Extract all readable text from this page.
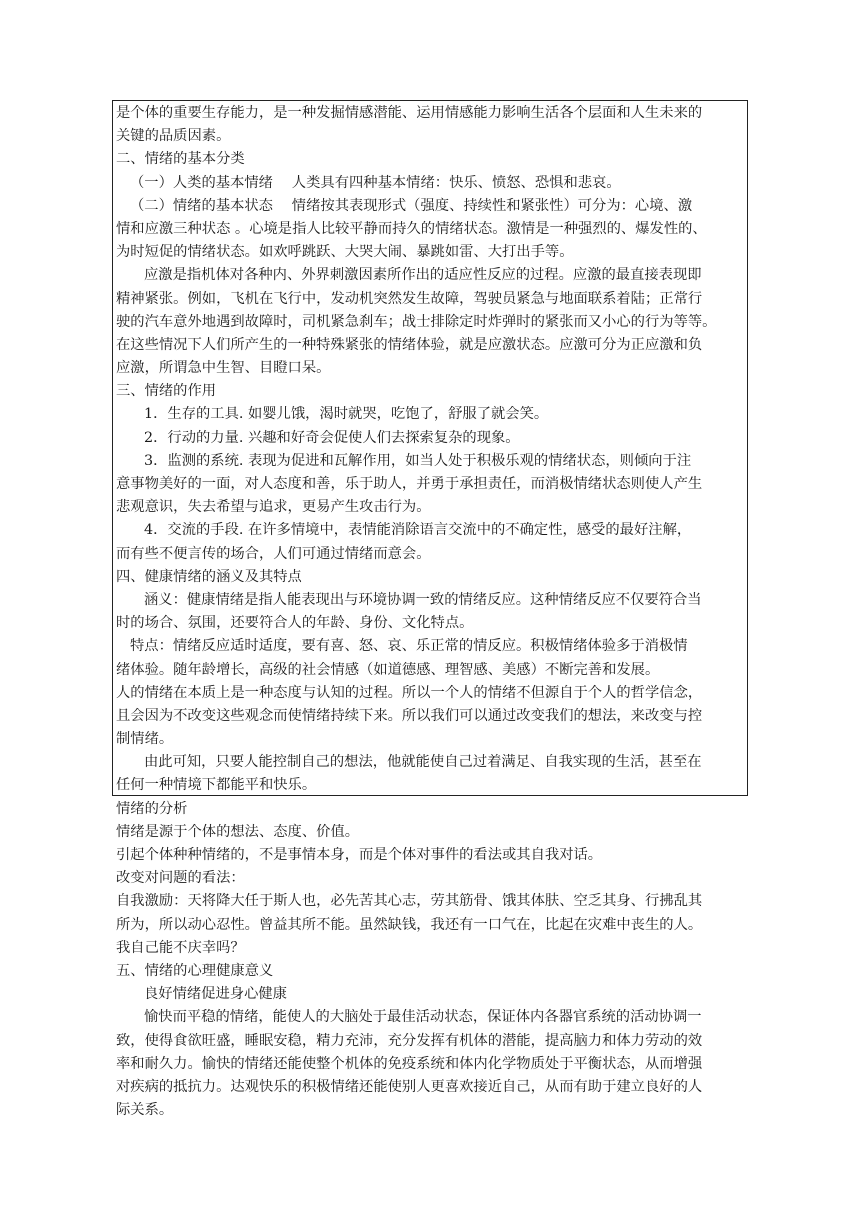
是个体的重要生存能力，是一种发掘情感潜能、运用情感能力影响生活各个层面和人生未来的
关键的品质因素。
二、情绪的基本分类
（一）人类的基本情绪　 人类具有四种基本情绪：快乐、愤怒、恐惧和悲哀。
（二）情绪的基本状态　 情绪按其表现形式（强度、持续性和紧张性）可分为：心境、激
情和应激三种状态 。心境是指人比较平静而持久的情绪状态。激情是一种强烈的、爆发性的、
为时短促的情绪状态。如欢呼跳跃、大哭大闹、暴跳如雷、大打出手等。
应激是指机体对各种内、外界刺激因素所作出的适应性反应的过程。应激的最直接表现即
精神紧张。例如，飞机在飞行中，发动机突然发生故障，驾驶员紧急与地面联系着陆；正常行
驶的汽车意外地遇到故障时，司机紧急刹车；战士排除定时炸弹时的紧张而又小心的行为等等。
在这些情况下人们所产生的一种特殊紧张的情绪体验，就是应激状态。应激可分为正应激和负
应激，所谓急中生智、目瞪口呆。
三、情绪的作用
1．生存的工具. 如婴儿饿，渴时就哭，吃饱了，舒服了就会笑。
2．行动的力量. 兴趣和好奇会促使人们去探索复杂的现象。
3．监测的系统. 表现为促进和瓦解作用，如当人处于积极乐观的情绪状态，则倾向于注
意事物美好的一面，对人态度和善，乐于助人，并勇于承担责任，而消极情绪状态则使人产生
悲观意识，失去希望与追求，更易产生攻击行为。
4．交流的手段. 在许多情境中，表情能消除语言交流中的不确定性，感受的最好注解，
而有些不便言传的场合，人们可通过情绪而意会。
四、健康情绪的涵义及其特点
涵义：健康情绪是指人能表现出与环境协调一致的情绪反应。这种情绪反应不仅要符合当
时的场合、氛围，还要符合人的年龄、身份、文化特点。
特点：情绪反应适时适度，要有喜、怒、哀、乐正常的情反应。积极情绪体验多于消极情
绪体验。随年龄增长，高级的社会情感（如道德感、理智感、美感）不断完善和发展。
人的情绪在本质上是一种态度与认知的过程。所以一个人的情绪不但源自于个人的哲学信念，
且会因为不改变这些观念而使情绪持续下来。所以我们可以通过改变我们的想法，来改变与控
制情绪。
由此可知，只要人能控制自己的想法，他就能使自己过着满足、自我实现的生活，甚至在
任何一种情境下都能平和快乐。
情绪的分析
情绪是源于个体的想法、态度、价值。
引起个体种种情绪的，不是事情本身，而是个体对事件的看法或其自我对话。
改变对问题的看法：
自我激励：天将降大任于斯人也，必先苦其心志，劳其筋骨、饿其体肤、空乏其身、行拂乱其
所为，所以动心忍性。曾益其所不能。虽然缺钱，我还有一口气在，比起在灾难中丧生的人。
我自己能不庆幸吗？
五、情绪的心理健康意义
良好情绪促进身心健康
愉快而平稳的情绪，能使人的大脑处于最佳活动状态，保证体内各器官系统的活动协调一
致，使得食欲旺盛，睡眠安稳，精力充沛，充分发挥有机体的潜能，提高脑力和体力劳动的效
率和耐久力。愉快的情绪还能使整个机体的免疫系统和体内化学物质处于平衡状态，从而增强
对疾病的抵抗力。达观快乐的积极情绪还能使别人更喜欢接近自己，从而有助于建立良好的人
际关系。
